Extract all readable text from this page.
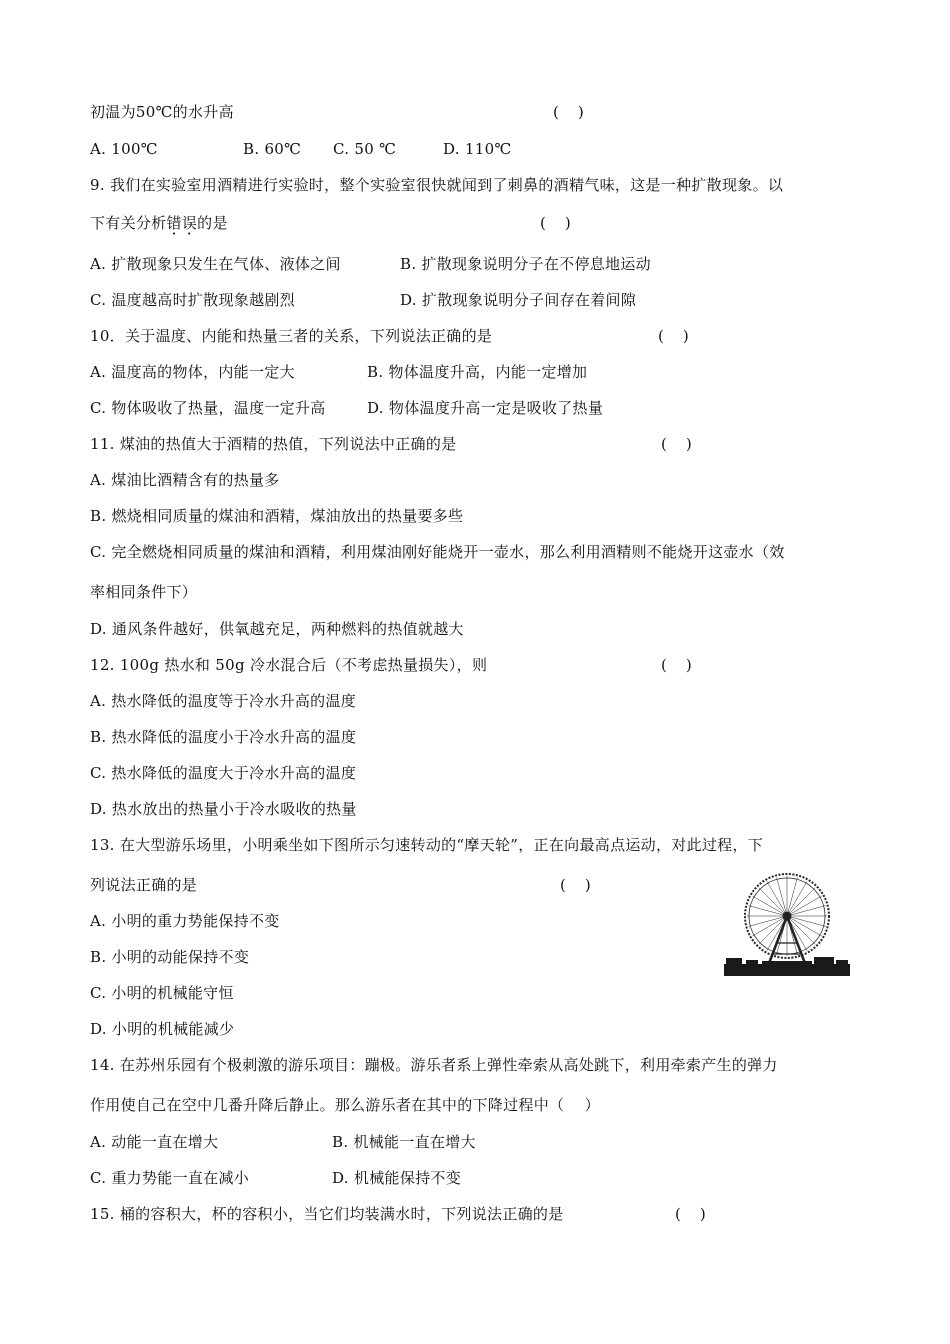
初温为50℃的水升高	(    )
A. 100℃	B. 60℃ C. 50 ℃	D. 110℃
9. 我们在实验室用酒精进行实验时，整个实验室很快就闻到了刺鼻的酒精气味，这是一种扩散现象。以
下有关分析错误的是	(    )
A. 扩散现象只发生在气体、液体之间	B. 扩散现象说明分子在不停息地运动
C. 温度越高时扩散现象越剧烈	D. 扩散现象说明分子间存在着间隙
10．关于温度、内能和热量三者的关系，下列说法正确的是	(    )
A. 温度高的物体，内能一定大	B. 物体温度升高，内能一定增加
C. 物体吸收了热量，温度一定升高	D. 物体温度升高一定是吸收了热量
11. 煤油的热值大于酒精的热值，下列说法中正确的是	(    )
A. 煤油比酒精含有的热量多
B. 燃烧相同质量的煤油和酒精，煤油放出的热量要多些
C. 完全燃烧相同质量的煤油和酒精，利用煤油刚好能烧开一壶水，那么利用酒精则不能烧开这壶水（效
率相同条件下）
D. 通风条件越好，供氧越充足，两种燃料的热值就越大
12. 100g 热水和 50g 冷水混合后（不考虑热量损失），则	(    )
A. 热水降低的温度等于冷水升高的温度
B. 热水降低的温度小于冷水升高的温度
C. 热水降低的温度大于冷水升高的温度
D. 热水放出的热量小于冷水吸收的热量
13. 在大型游乐场里，小明乘坐如下图所示匀速转动的“摩天轮”，正在向最高点运动，对此过程，下
列说法正确的是	(    )
A. 小明的重力势能保持不变
B. 小明的动能保持不变
C. 小明的机械能守恒
D. 小明的机械能减少
14. 在苏州乐园有个极刺激的游乐项目：蹦极。游乐者系上弹性牵索从高处跳下，利用牵索产生的弹力
作用使自己在空中几番升降后静止。那么游乐者在其中的下降过程中（    ）
A. 动能一直在增大	B. 机械能一直在增大
C. 重力势能一直在减小	D. 机械能保持不变
15. 桶的容积大，杯的容积小，当它们均装满水时，下列说法正确的是	(    )
